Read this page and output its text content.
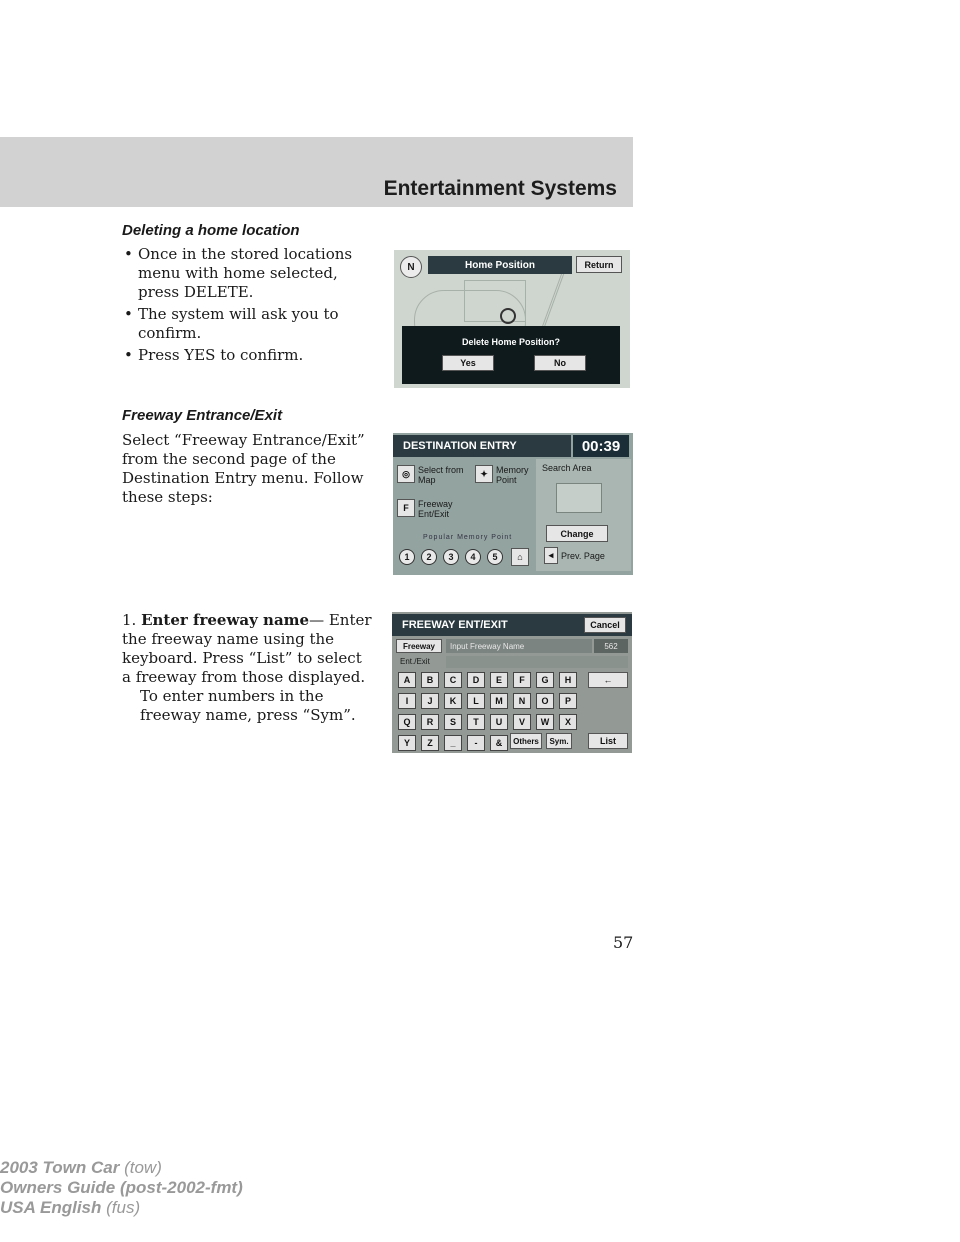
Entertainment Systems
Deleting a home location
• Once in the stored locations menu with home selected, press DELETE.
• The system will ask you to confirm.
• Press YES to confirm.
N	Home Position	Return
Delete Home Position?
Yes	No
Freeway Entrance/Exit

Select “Freeway Entrance/Exit” from the second page of the Destination Entry menu. Follow these steps:

DESTINATION ENTRY	00:39
Search Area
Change
◎ Select from Map
✦ Memory Point
F	Freeway Ent/Exit
Popular Memory Point
1	2	3	4	5	⌂	◂ Prev. Page

1. Enter freeway name— Enter the freeway name using the keyboard. Press “List” to select a freeway from those displayed.

To enter numbers in the freeway name, press “Sym”.

FREEWAY ENT/EXIT	Cancel
Freeway	Input Freeway Name	562
Ent./Exit
A	B	C	D	E	F	G	H
I	J	K	L	M	N	O	P
Q	R	S	T	U	V	W	X
Y	Z	_	-	&
←
Others	Sym.	List
57
2003 Town Car (tow)
Owners Guide (post-2002-fmt)
USA English (fus)
